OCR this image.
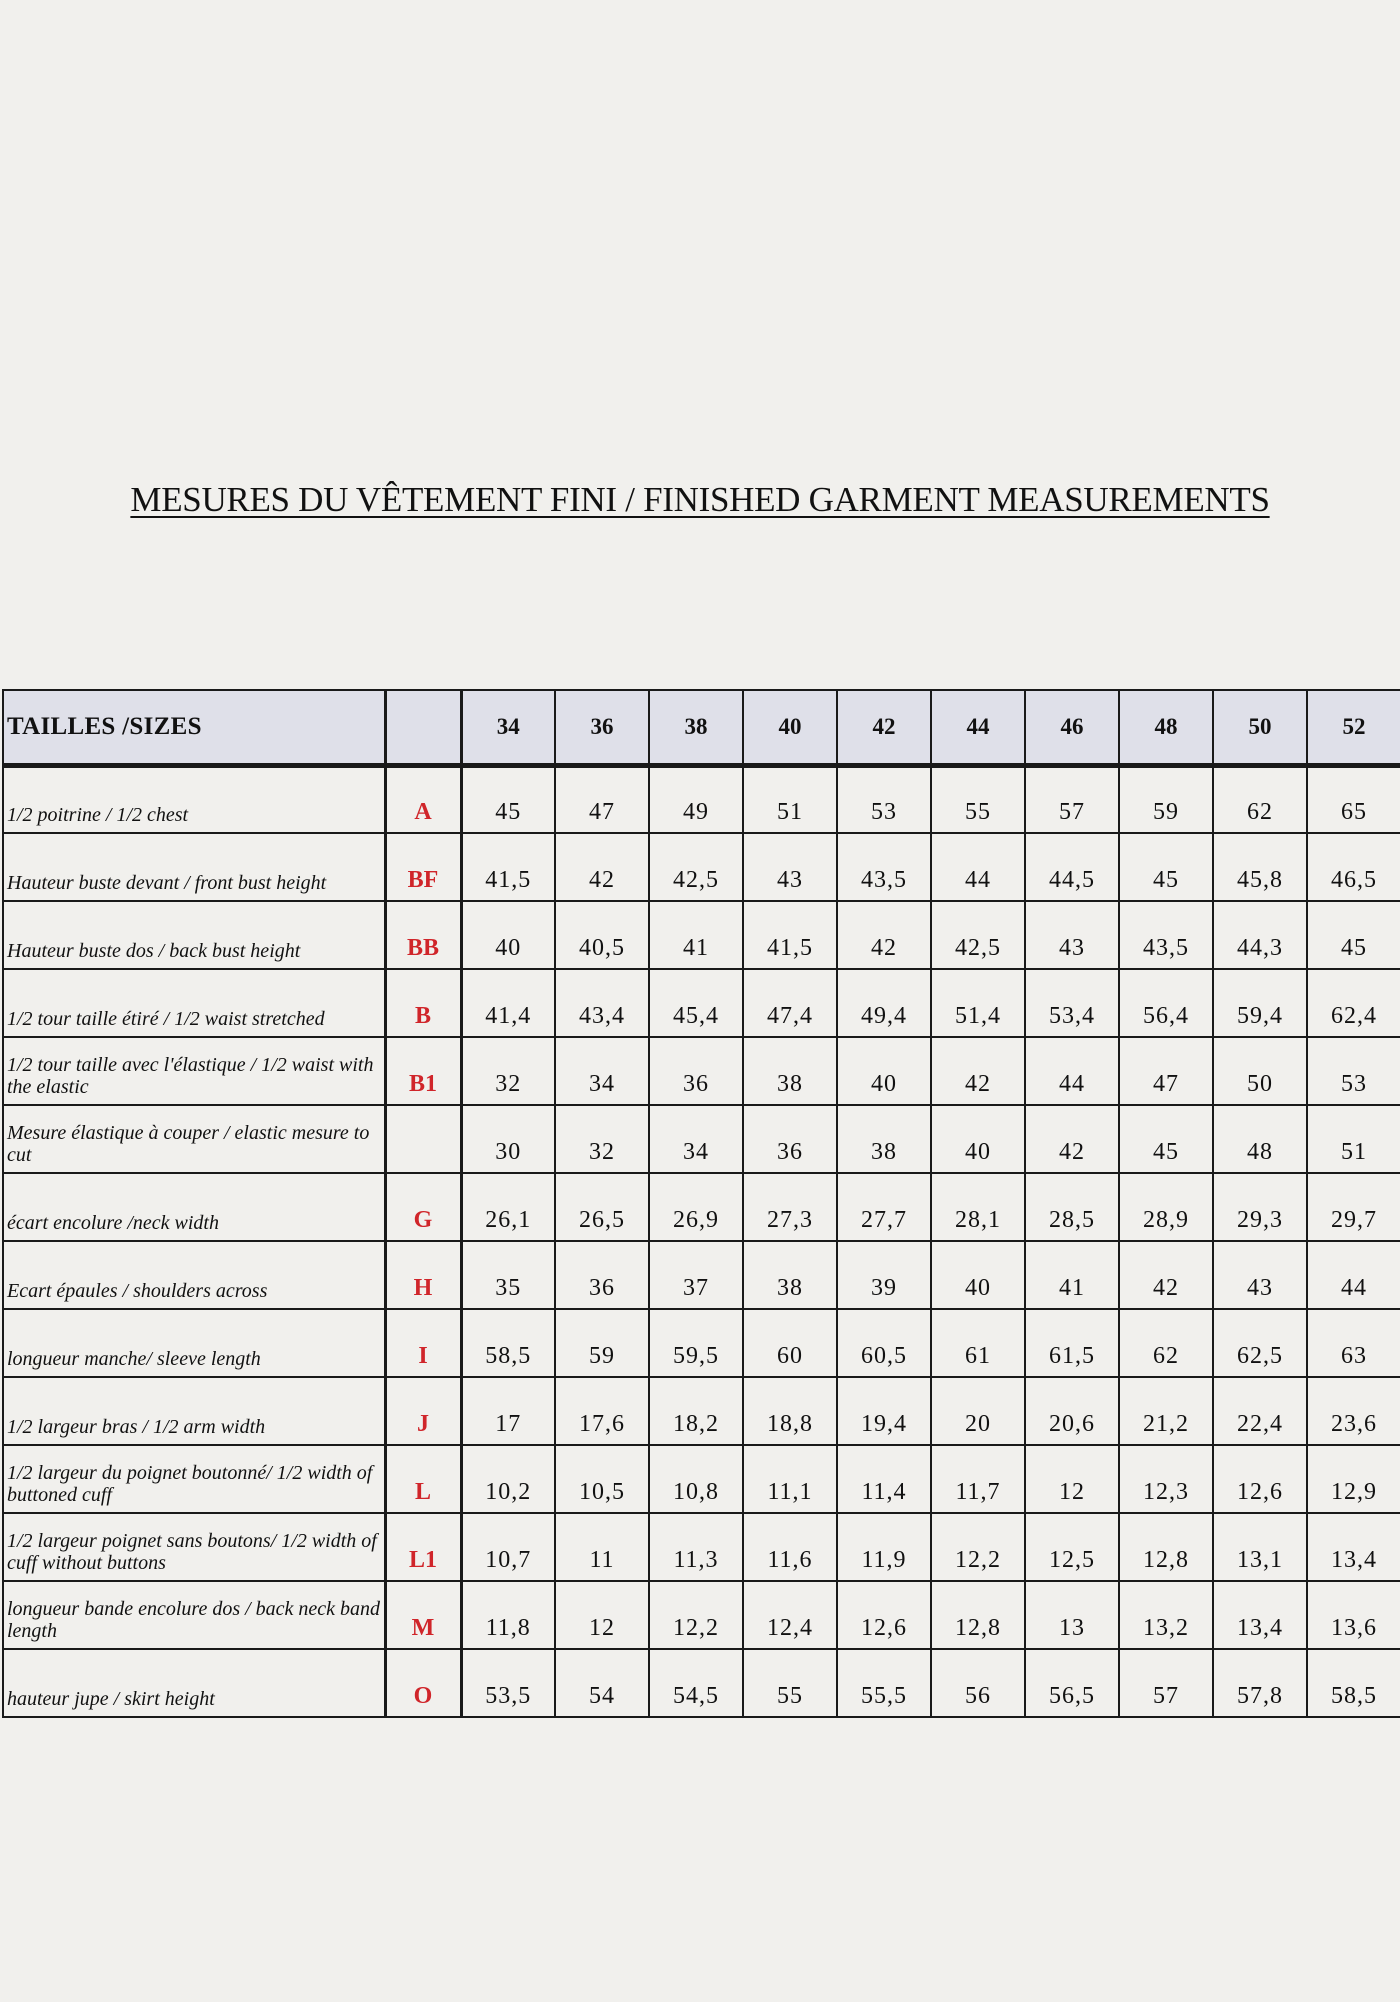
MESURES DU VÊTEMENT FINI / FINISHED GARMENT MEASUREMENTS
TAILLES /SIZES		34	36	38	40	42	44	46	48	50	52
1/2 poitrine / 1/2 chest	A	45	47	49	51	53	55	57	59	62	65
Hauteur buste devant / front bust height	BF	41,5	42	42,5	43	43,5	44	44,5	45	45,8	46,5
Hauteur buste dos / back bust height	BB	40	40,5	41	41,5	42	42,5	43	43,5	44,3	45
1/2 tour taille étiré / 1/2 waist stretched	B	41,4	43,4	45,4	47,4	49,4	51,4	53,4	56,4	59,4	62,4
1/2 tour taille avec l'élastique / 1/2 waist with the elastic	B1	32	34	36	38	40	42	44	47	50	53
Mesure élastique à couper / elastic mesure to cut		30	32	34	36	38	40	42	45	48	51
écart encolure /neck width	G	26,1	26,5	26,9	27,3	27,7	28,1	28,5	28,9	29,3	29,7
Ecart épaules / shoulders across	H	35	36	37	38	39	40	41	42	43	44
longueur manche/ sleeve length	I	58,5	59	59,5	60	60,5	61	61,5	62	62,5	63
1/2 largeur bras / 1/2 arm width	J	17	17,6	18,2	18,8	19,4	20	20,6	21,2	22,4	23,6
1/2 largeur du poignet boutonné/ 1/2 width of buttoned cuff	L	10,2	10,5	10,8	11,1	11,4	11,7	12	12,3	12,6	12,9
1/2 largeur poignet sans boutons/ 1/2 width of cuff without buttons	L1	10,7	11	11,3	11,6	11,9	12,2	12,5	12,8	13,1	13,4
longueur bande encolure dos / back neck band length	M	11,8	12	12,2	12,4	12,6	12,8	13	13,2	13,4	13,6
hauteur jupe / skirt height	O	53,5	54	54,5	55	55,5	56	56,5	57	57,8	58,5
